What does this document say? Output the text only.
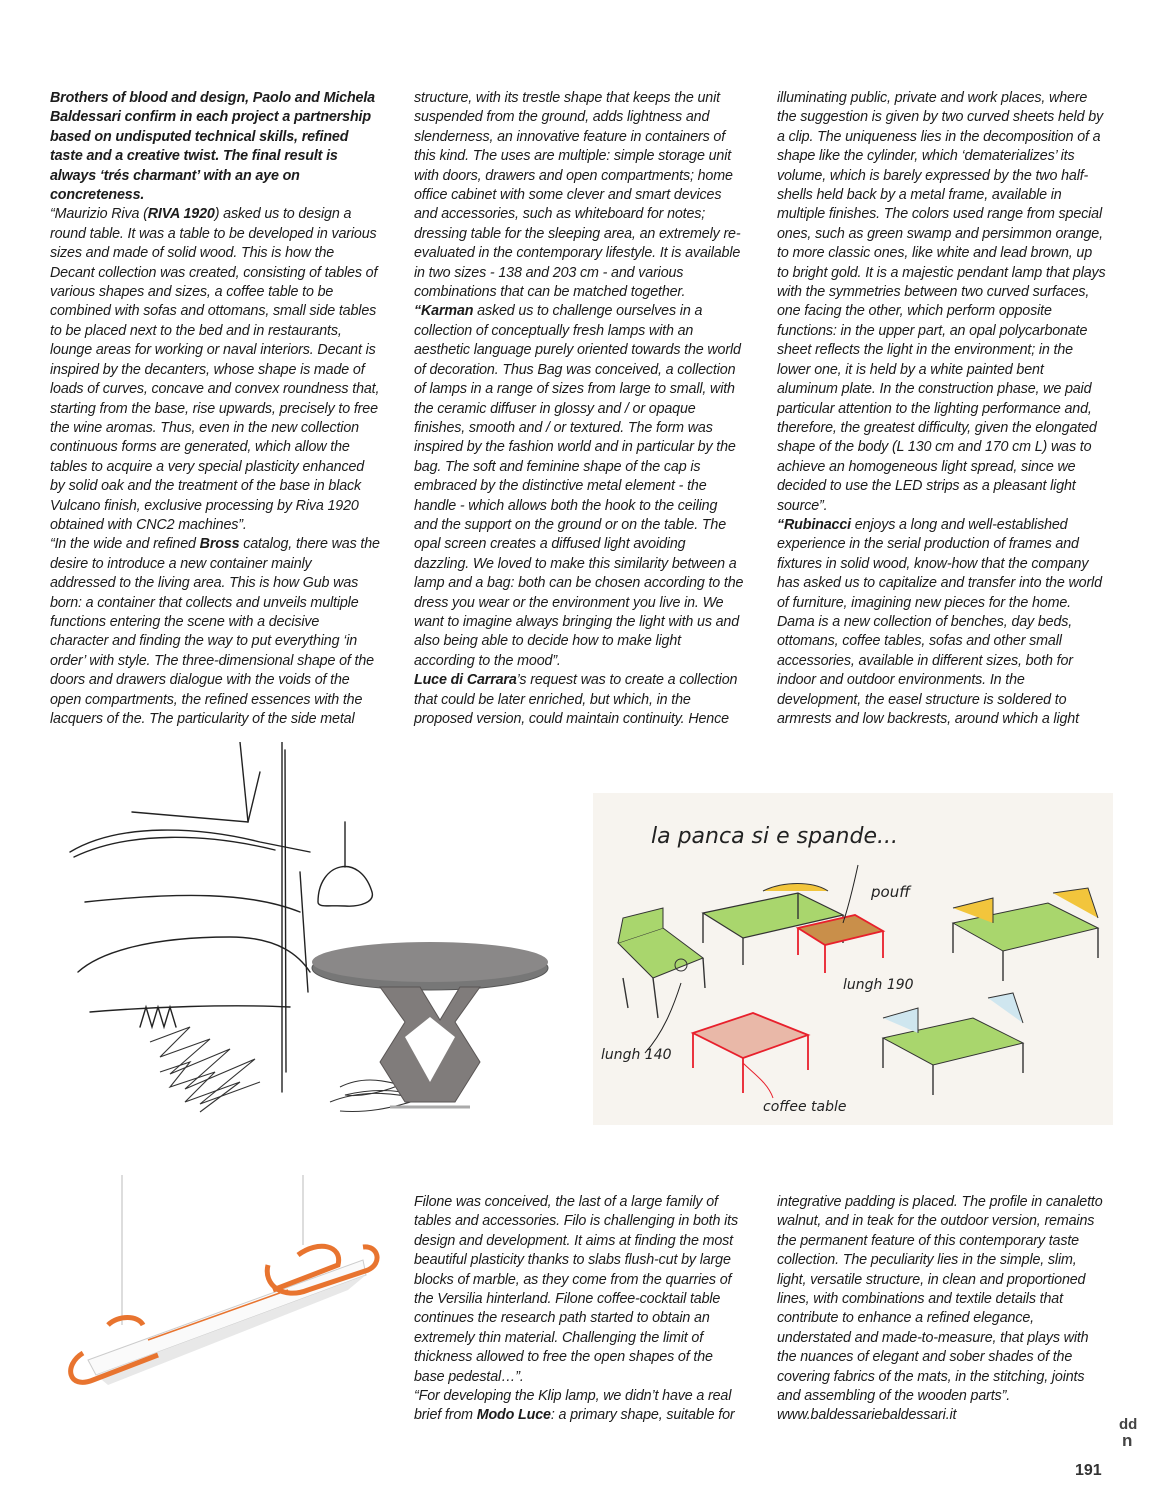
Brothers of blood and design, Paolo and Michela Baldessari confirm in each project a partnership based on undisputed technical skills, refined taste and a creative twist. The final result is always ‘trés charmant’ with an aye on concreteness.

“Maurizio Riva (RIVA 1920) asked us to design a round table. It was a table to be developed in various sizes and made of solid wood. This is how the Decant collection was created, consisting of tables of various shapes and sizes, a coffee table to be combined with sofas and ottomans, small side tables to be placed next to the bed and in restaurants, lounge areas for working or naval interiors. Decant is inspired by the decanters, whose shape is made of loads of curves, concave and convex roundness that, starting from the base, rise upwards, precisely to free the wine aromas. Thus, even in the new collection continuous forms are generated, which allow the tables to acquire a very special plasticity enhanced by solid oak and the treatment of the base in black Vulcano finish, exclusive processing by Riva 1920 obtained with CNC2 machines”.

“In the wide and refined Bross catalog, there was the desire to introduce a new container mainly addressed to the living area. This is how Gub was born: a container that collects and unveils multiple functions entering the scene with a decisive character and finding the way to put everything ‘in order’ with style. The three-dimensional shape of the doors and drawers dialogue with the voids of the open compartments, the refined essences with the lacquers of the. The particularity of the side metal

structure, with its trestle shape that keeps the unit suspended from the ground, adds lightness and slenderness, an innovative feature in containers of this kind. The uses are multiple: simple storage unit with doors, drawers and open compartments; home office cabinet with some clever and smart devices and accessories, such as whiteboard for notes; dressing table for the sleeping area, an extremely re-evaluated in the contemporary lifestyle. It is available in two sizes - 138 and 203 cm - and various combinations that can be matched together.

“Karman asked us to challenge ourselves in a collection of conceptually fresh lamps with an aesthetic language purely oriented towards the world of decoration. Thus Bag was conceived, a collection of lamps in a range of sizes from large to small, with the ceramic diffuser in glossy and / or opaque finishes, smooth and / or textured. The form was inspired by the fashion world and in particular by the bag. The soft and feminine shape of the cap is embraced by the distinctive metal element - the handle - which allows both the hook to the ceiling and the support on the ground or on the table. The opal screen creates a diffused light avoiding dazzling. We loved to make this similarity between a lamp and a bag: both can be chosen according to the dress you wear or the environment you live in. We want to imagine always bringing the light with us and also being able to decide how to make light according to the mood”.

Luce di Carrara’s request was to create a collection that could be later enriched, but which, in the proposed version, could maintain continuity. Hence

illuminating public, private and work places, where the suggestion is given by two curved sheets held by a clip. The uniqueness lies in the decomposition of a shape like the cylinder, which ‘dematerializes’ its volume, which is barely expressed by the two half-shells held back by a metal frame, available in multiple finishes. The colors used range from special ones, such as green swamp and persimmon orange, to more classic ones, like white and lead brown, up to bright gold. It is a majestic pendant lamp that plays with the symmetries between two curved surfaces, one facing the other, which perform opposite functions: in the upper part, an opal polycarbonate sheet reflects the light in the environment; in the lower one, it is held by a white painted bent aluminum plate. In the construction phase, we paid particular attention to the lighting performance and, therefore, the greatest difficulty, given the elongated shape of the body (L 130 cm and 170 cm L) was to achieve an homogeneous light spread, since we decided to use the LED strips as a pleasant light source”.

“Rubinacci enjoys a long and well-established experience in the serial production of frames and fixtures in solid wood, know-how that the company has asked us to capitalize and transfer into the world of furniture, imagining new pieces for the home. Dama is a new collection of benches, day beds, ottomans, coffee tables, sofas and other small accessories, available in different sizes, both for indoor and outdoor environments. In the development, the easel structure is soldered to armrests and low backrests, around which a light

la panca si e spande...
pouff
lungh 190
lungh 140
coffee table

Filone was conceived, the last of a large family of tables and accessories. Filo is challenging in both its design and development. It aims at finding the most beautiful plasticity thanks to slabs flush-cut by large blocks of marble, as they come from the quarries of the Versilia hinterland. Filone coffee-cocktail table continues the research path started to obtain an extremely thin material. Challenging the limit of thickness allowed to free the open shapes of the base pedestal…”.

“For developing the Klip lamp, we didn’t have a real brief from Modo Luce: a primary shape, suitable for

integrative padding is placed. The profile in canaletto walnut, and in teak for the outdoor version, remains the permanent feature of this contemporary taste collection. The peculiarity lies in the simple, slim, light, versatile structure, in clean and proportioned lines, with combinations and textile details that contribute to enhance a refined elegance, understated and made-to-measure, that plays with the nuances of elegant and sober shades of the covering fabrics of the mats, in the stitching, joints and assembling of the wooden parts”.

www.baldessariebaldessari.it

dd
n
191
